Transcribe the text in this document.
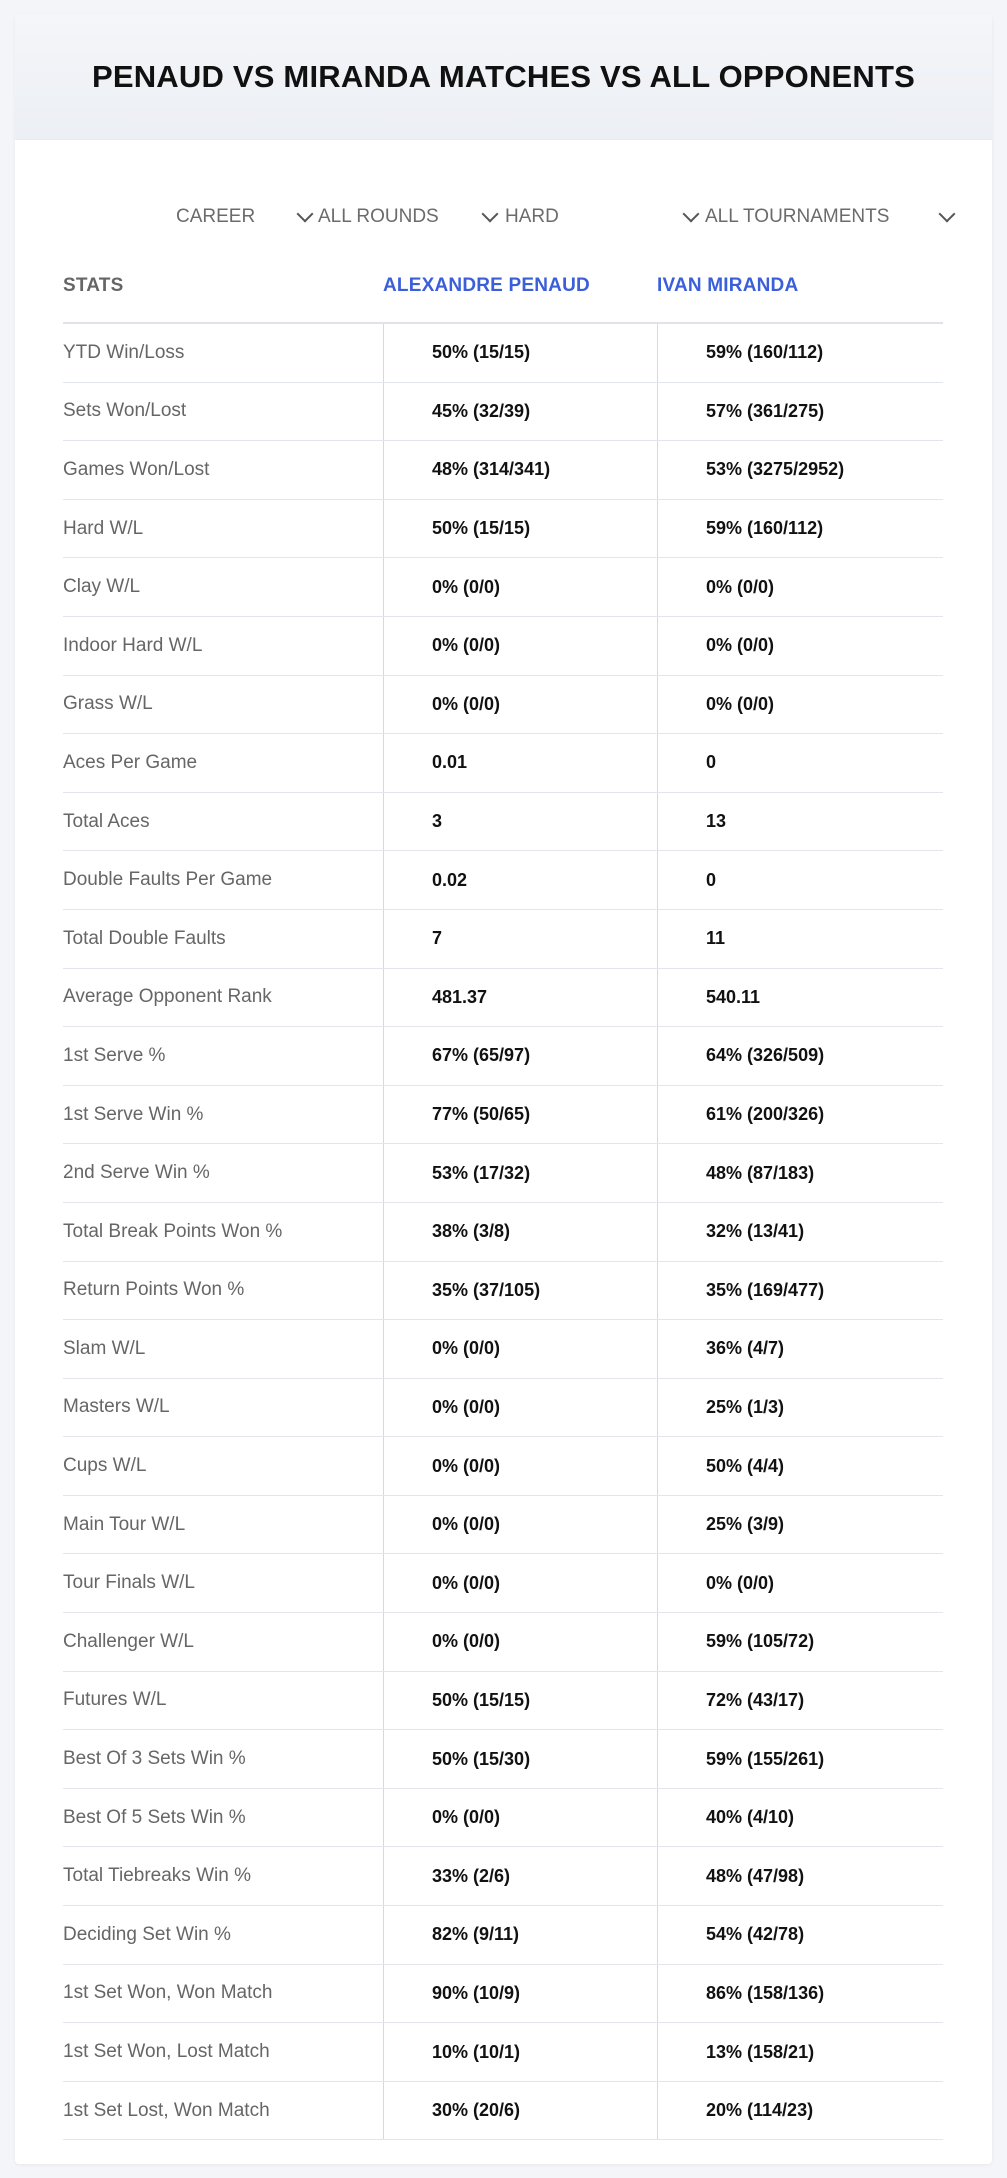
PENAUD VS MIRANDA MATCHES VS ALL OPPONENTS
CAREER	ALL ROUNDS	HARD	ALL TOURNAMENTS
STATS	ALEXANDRE PENAUD	IVAN MIRANDA
YTD Win/Loss	50% (15/15)	59% (160/112)
Sets Won/Lost	45% (32/39)	57% (361/275)
Games Won/Lost	48% (314/341)	53% (3275/2952)
Hard W/L	50% (15/15)	59% (160/112)
Clay W/L	0% (0/0)	0% (0/0)
Indoor Hard W/L	0% (0/0)	0% (0/0)
Grass W/L	0% (0/0)	0% (0/0)
Aces Per Game	0.01	0
Total Aces	3	13
Double Faults Per Game	0.02	0
Total Double Faults	7	11
Average Opponent Rank	481.37	540.11
1st Serve %	67% (65/97)	64% (326/509)
1st Serve Win %	77% (50/65)	61% (200/326)
2nd Serve Win %	53% (17/32)	48% (87/183)
Total Break Points Won %	38% (3/8)	32% (13/41)
Return Points Won %	35% (37/105)	35% (169/477)
Slam W/L	0% (0/0)	36% (4/7)
Masters W/L	0% (0/0)	25% (1/3)
Cups W/L	0% (0/0)	50% (4/4)
Main Tour W/L	0% (0/0)	25% (3/9)
Tour Finals W/L	0% (0/0)	0% (0/0)
Challenger W/L	0% (0/0)	59% (105/72)
Futures W/L	50% (15/15)	72% (43/17)
Best Of 3 Sets Win %	50% (15/30)	59% (155/261)
Best Of 5 Sets Win %	0% (0/0)	40% (4/10)
Total Tiebreaks Win %	33% (2/6)	48% (47/98)
Deciding Set Win %	82% (9/11)	54% (42/78)
1st Set Won, Won Match	90% (10/9)	86% (158/136)
1st Set Won, Lost Match	10% (10/1)	13% (158/21)
1st Set Lost, Won Match	30% (20/6)	20% (114/23)
